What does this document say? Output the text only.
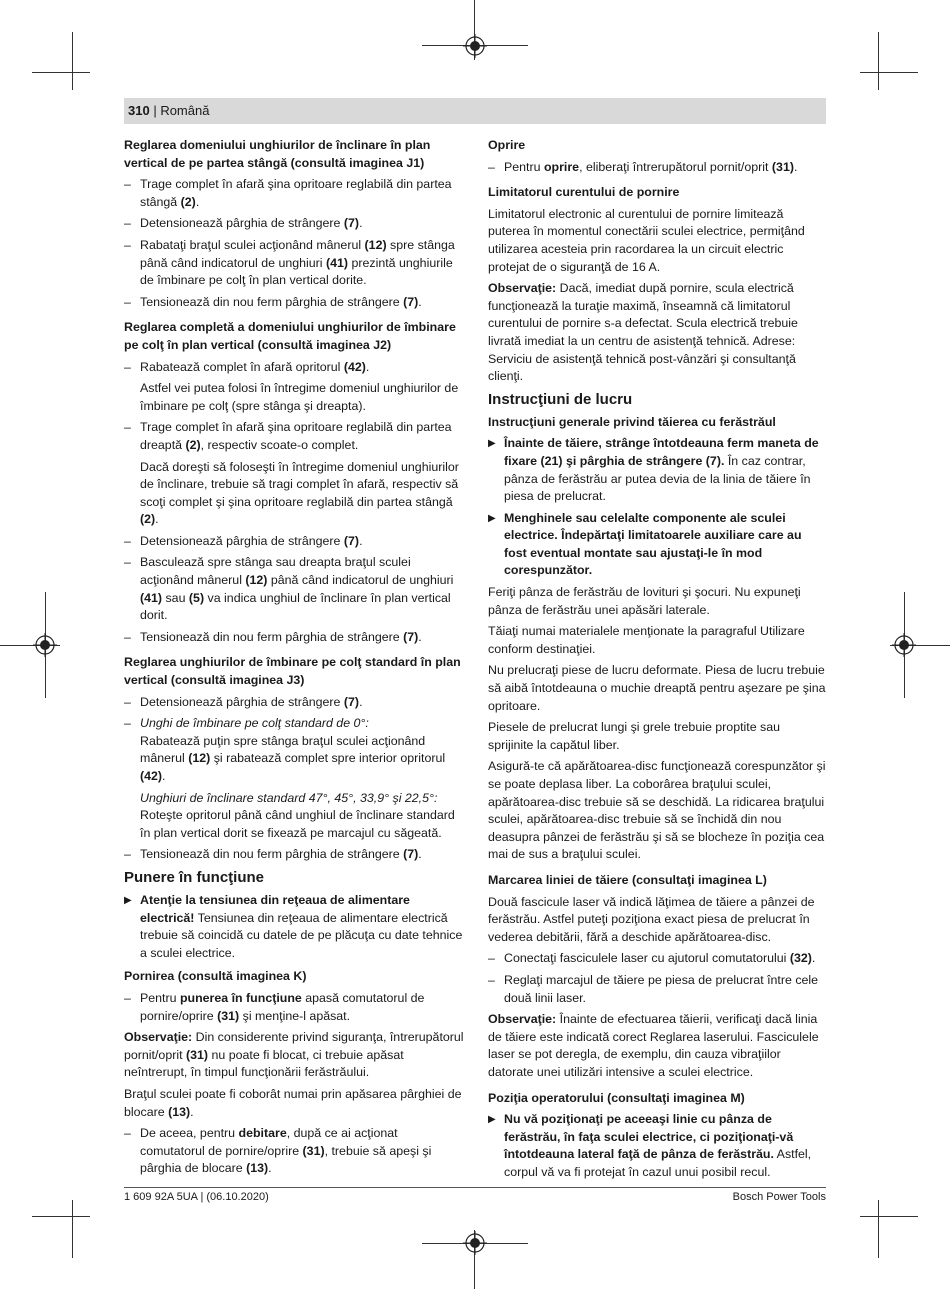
310 | Română

Reglarea domeniului unghiurilor de înclinare în plan vertical de pe partea stângă (consultă imaginea J1)

– Trage complet în afară şina opritoare reglabilă din partea stângă (2).

– Detensionează pârghia de strângere (7).

– Rabataţi braţul sculei acţionând mânerul (12) spre stânga până când indicatorul de unghiuri (41) prezintă unghiurile de îmbinare pe colţ în plan vertical dorite.

– Tensionează din nou ferm pârghia de strângere (7).

Reglarea completă a domeniului unghiurilor de îmbinare pe colţ în plan vertical (consultă imaginea J2)

– Rabatează complet în afară opritorul (42).

Astfel vei putea folosi în întregime domeniul unghiurilor de îmbinare pe colţ (spre stânga şi dreapta).

– Trage complet în afară şina opritoare reglabilă din partea dreaptă (2), respectiv scoate-o complet.

Dacă doreşti să foloseşti în întregime domeniul unghiurilor de înclinare, trebuie să tragi complet în afară, respectiv să scoţi complet şi şina opritoare reglabilă din partea stângă (2).

– Detensionează pârghia de strângere (7).

– Basculează spre stânga sau dreapta braţul sculei acţionând mânerul (12) până când indicatorul de unghiuri (41) sau (5) va indica unghiul de înclinare în plan vertical dorit.

– Tensionează din nou ferm pârghia de strângere (7).

Reglarea unghiurilor de îmbinare pe colţ standard în plan vertical (consultă imaginea J3)

– Detensionează pârghia de strângere (7).

– Unghi de îmbinare pe colţ standard de 0°:

Rabatează puţin spre stânga braţul sculei acţionând mânerul (12) şi rabatează complet spre interior opritorul (42).

Unghiuri de înclinare standard 47°, 45°, 33,9° şi 22,5°:

Roteşte opritorul până când unghiul de înclinare standard în plan vertical dorit se fixează pe marcajul cu săgeată.

– Tensionează din nou ferm pârghia de strângere (7).

Punere în funcţiune

▶ Atenţie la tensiunea din reţeaua de alimentare electrică! Tensiunea din reţeaua de alimentare electrică trebuie să coincidă cu datele de pe plăcuţa cu date tehnice a sculei electrice.

Pornirea (consultă imaginea K)

– Pentru punerea în funcţiune apasă comutatorul de pornire/oprire (31) şi menţine-l apăsat.

Observaţie: Din considerente privind siguranţa, întrerupătorul pornit/oprit (31) nu poate fi blocat, ci trebuie apăsat neîntrerupt, în timpul funcţionării ferăstrăului.

Braţul sculei poate fi coborât numai prin apăsarea pârghiei de blocare (13).

– De aceea, pentru debitare, după ce ai acţionat comutatorul de pornire/oprire (31), trebuie să apeşi şi pârghia de blocare (13).

Oprire

– Pentru oprire, eliberaţi întrerupătorul pornit/oprit (31).

Limitatorul curentului de pornire

Limitatorul electronic al curentului de pornire limitează puterea în momentul conectării sculei electrice, permiţând utilizarea acesteia prin racordarea la un circuit electric protejat de o siguranţă de 16 A.

Observaţie: Dacă, imediat după pornire, scula electrică funcţionează la turaţie maximă, înseamnă că limitatorul curentului de pornire s-a defectat. Scula electrică trebuie livrată imediat la un centru de asistenţă tehnică. Adrese: Serviciu de asistenţă tehnică post-vânzări şi consultanţă clienţi.

Instrucţiuni de lucru

Instrucţiuni generale privind tăierea cu ferăstrăul

▶ Înainte de tăiere, strânge întotdeauna ferm maneta de fixare (21) şi pârghia de strângere (7). În caz contrar, pânza de ferăstrău ar putea devia de la linia de tăiere în piesa de prelucrat.

▶ Menghinele sau celelalte componente ale sculei electrice. Îndepărtaţi limitatoarele auxiliare care au fost eventual montate sau ajustaţi-le în mod corespunzător.

Feriţi pânza de ferăstrău de lovituri şi şocuri. Nu expuneţi pânza de ferăstrău unei apăsări laterale.

Tăiaţi numai materialele menţionate la paragraful Utilizare conform destinaţiei.

Nu prelucraţi piese de lucru deformate. Piesa de lucru trebuie să aibă întotdeauna o muchie dreaptă pentru aşezare pe şina opritoare.

Piesele de prelucrat lungi şi grele trebuie proptite sau sprijinite la capătul liber.

Asigură-te că apărătoarea-disc funcţionează corespunzător şi se poate deplasa liber. La coborârea braţului sculei, apărătoarea-disc trebuie să se deschidă. La ridicarea braţului sculei, apărătoarea-disc trebuie să se închidă din nou deasupra pânzei de ferăstrău şi să se blocheze în poziţia cea mai de sus a braţului sculei.

Marcarea liniei de tăiere (consultaţi imaginea L)

Două fascicule laser vă indică lăţimea de tăiere a pânzei de ferăstrău. Astfel puteţi poziţiona exact piesa de prelucrat în vederea debitării, fără a deschide apărătoarea-disc.

– Conectaţi fasciculele laser cu ajutorul comutatorului (32).

– Reglaţi marcajul de tăiere pe piesa de prelucrat între cele două linii laser.

Observaţie: Înainte de efectuarea tăierii, verificaţi dacă linia de tăiere este indicată corect Reglarea laserului. Fasciculele laser se pot deregla, de exemplu, din cauza vibraţiilor datorate unei utilizări intensive a sculei electrice.

Poziţia operatorului (consultaţi imaginea M)

▶ Nu vă poziţionaţi pe aceeaşi linie cu pânza de ferăstrău, în faţa sculei electrice, ci poziţionaţi-vă întotdeauna lateral faţă de pânza de ferăstrău. Astfel, corpul vă va fi protejat în cazul unui posibil recul.

1 609 92A 5UA | (06.10.2020)	Bosch Power Tools
